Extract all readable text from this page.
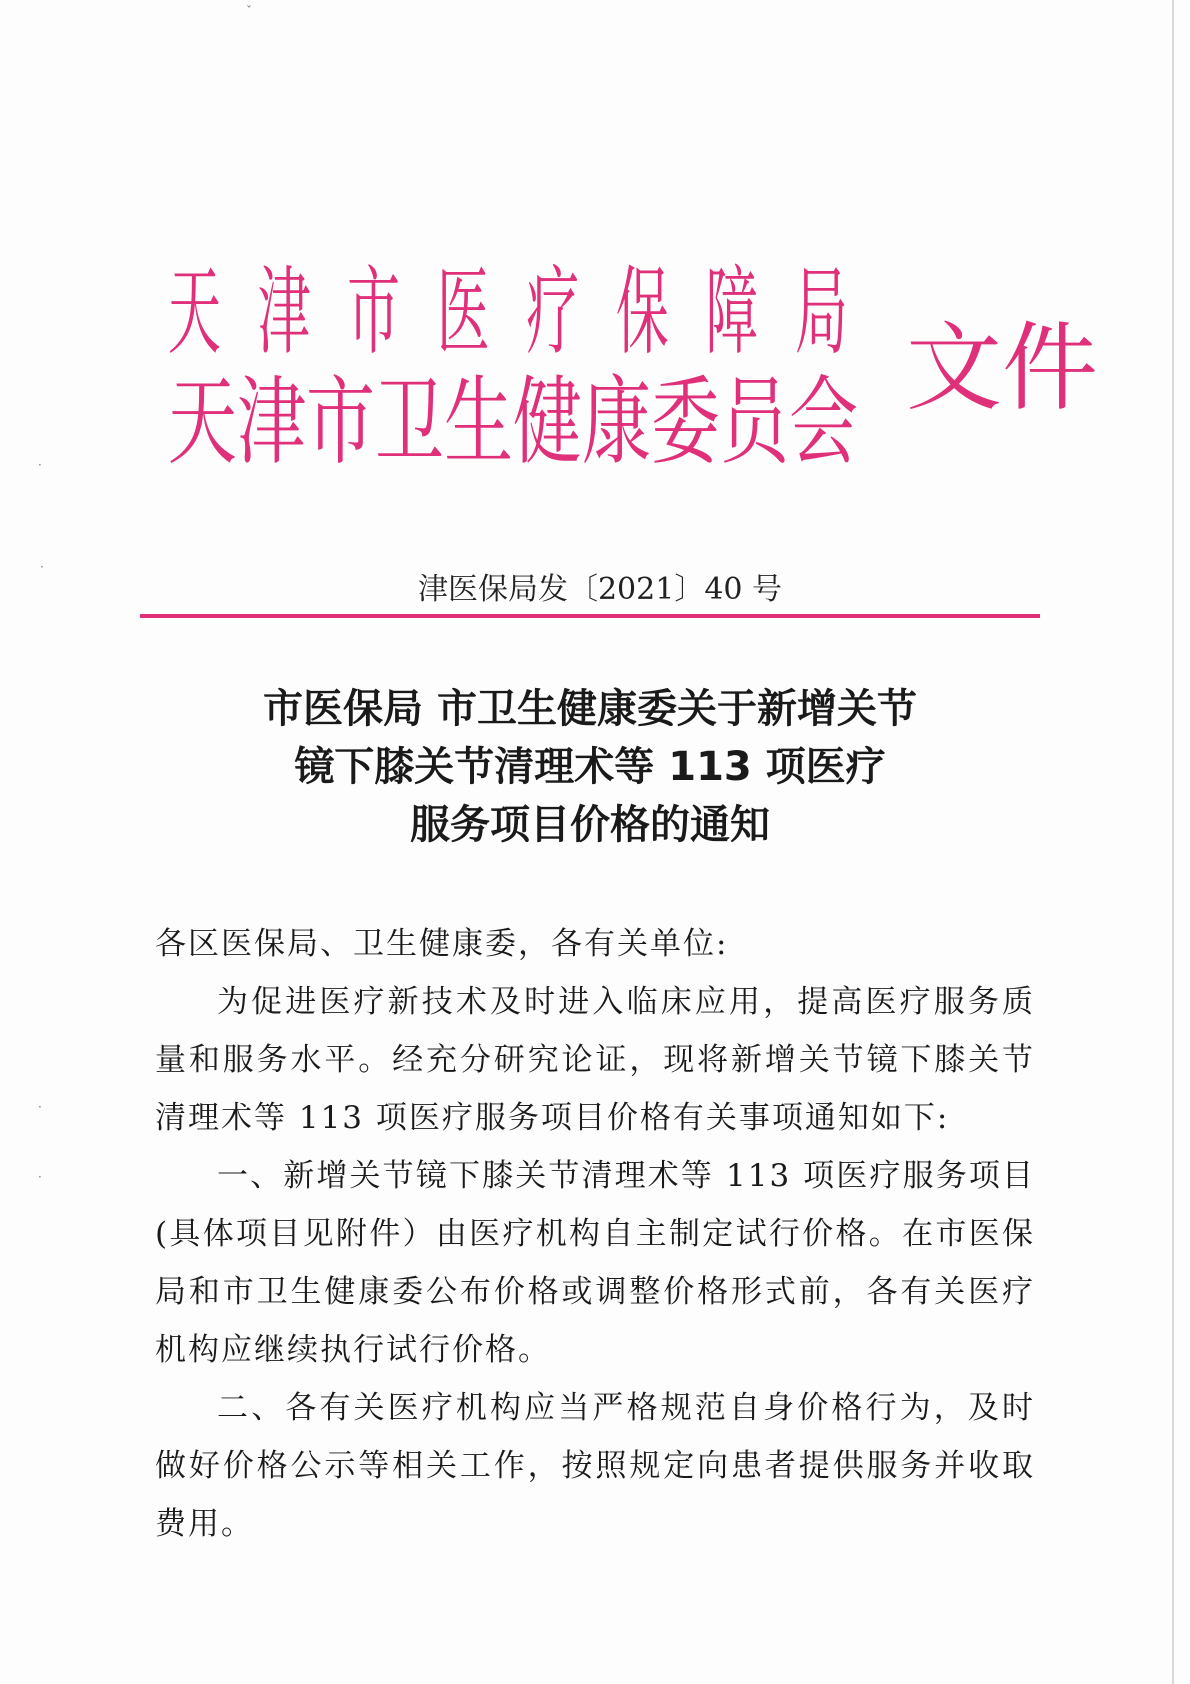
ˇ
·
·
·
·
天 津 市 医 疗 保 障 局
天津市卫生健康委员会 文件
津医保局发〔2021〕40 号
市医保局 市卫生健康委关于新增关节
镜下膝关节清理术等 113 项医疗
服务项目价格的通知

各区医保局、卫生健康委，各有关单位:

为促进医疗新技术及时进入临床应用，提高医疗服务质量和服务水平。经充分研究论证，现将新增关节镜下膝关节清理术等 113 项医疗服务项目价格有关事项通知如下:

一、新增关节镜下膝关节清理术等 113 项医疗服务项目(具体项目见附件）由医疗机构自主制定试行价格。在市医保局和市卫生健康委公布价格或调整价格形式前，各有关医疗机构应继续执行试行价格。

二、各有关医疗机构应当严格规范自身价格行为，及时做好价格公示等相关工作，按照规定向患者提供服务并收取费用。
